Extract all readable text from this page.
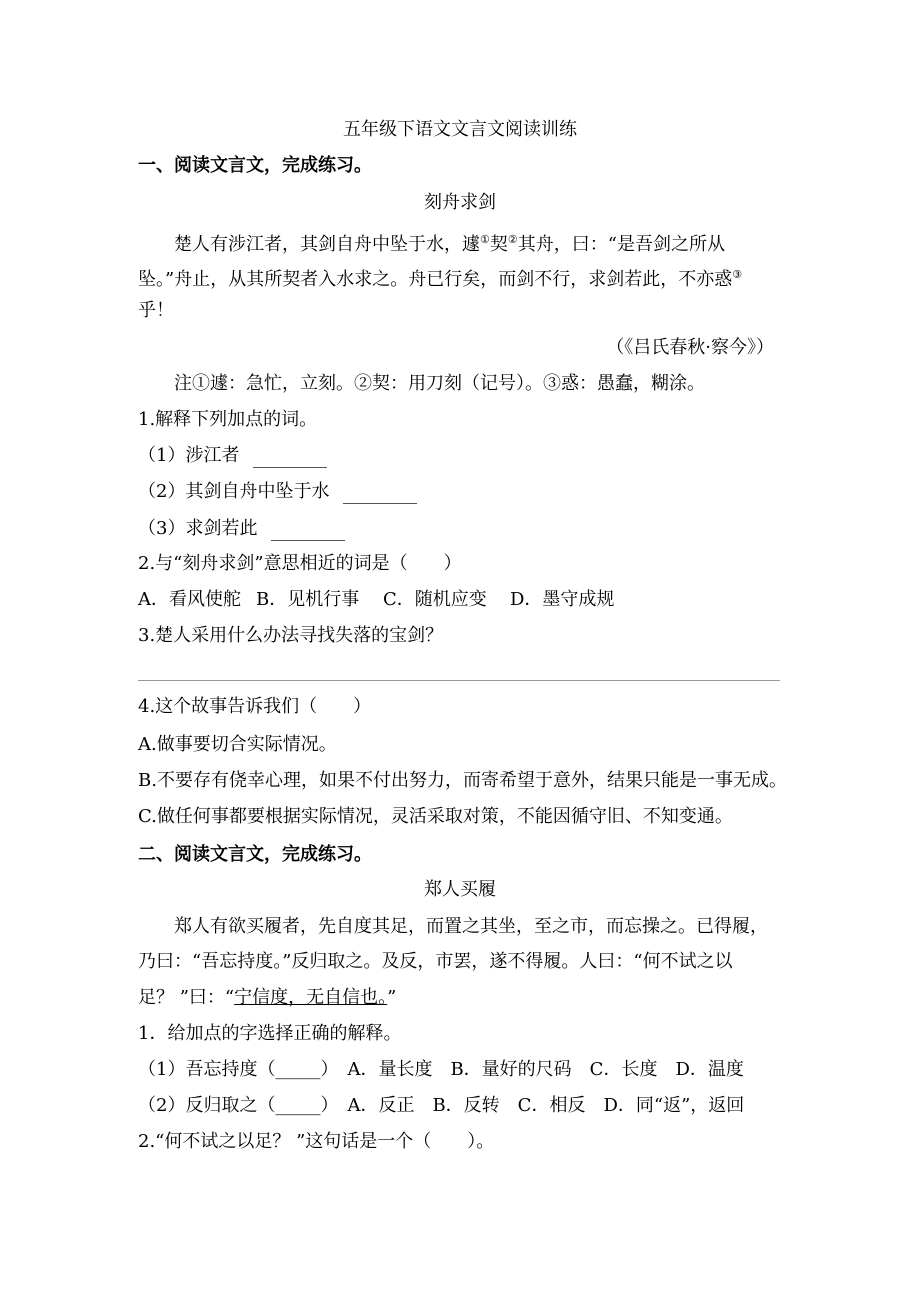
五年级下语文文言文阅读训练
一、阅读文言文，完成练习。
刻舟求剑
楚人有涉江者，其剑自舟中坠于水，遽①契②其舟，曰：“是吾剑之所从
坠。”舟止，从其所契者入水求之。舟已行矣，而剑不行，求剑若此，不亦惑③
乎！
（《吕氏春秋·察今》）
注①遽：急忙，立刻。②契：用刀刻（记号）。③惑：愚蠢，糊涂。
1.解释下列加点的词。
（1）涉江者
（2）其剑自舟中坠于水
（3）求剑若此
2.与“刻舟求剑”意思相近的词是（　　）
A．看风使舵 B．见机行事 C．随机应变 D．墨守成规
3.楚人采用什么办法寻找失落的宝剑？
4.这个故事告诉我们（　　）
A.做事要切合实际情况。
B.不要存有侥幸心理，如果不付出努力，而寄希望于意外，结果只能是一事无成。
C.做任何事都要根据实际情况，灵活采取对策，不能因循守旧、不知变通。
二、阅读文言文，完成练习。
郑人买履
郑人有欲买履者，先自度其足，而置之其坐，至之市，而忘操之。已得履，
乃曰：“吾忘持度。”反归取之。及反，市罢，遂不得履。人曰：“何不试之以
足？ ”曰：“宁信度，无自信也。”
1．给加点的字选择正确的解释。
（1）吾忘持度（_____）　A．量长度　B．量好的尺码　C．长度　D．温度
（2）反归取之（_____）　A．反正　B．反转　C．相反　D．同“返”，返回
2.“何不试之以足？ ”这句话是一个（　　）。
